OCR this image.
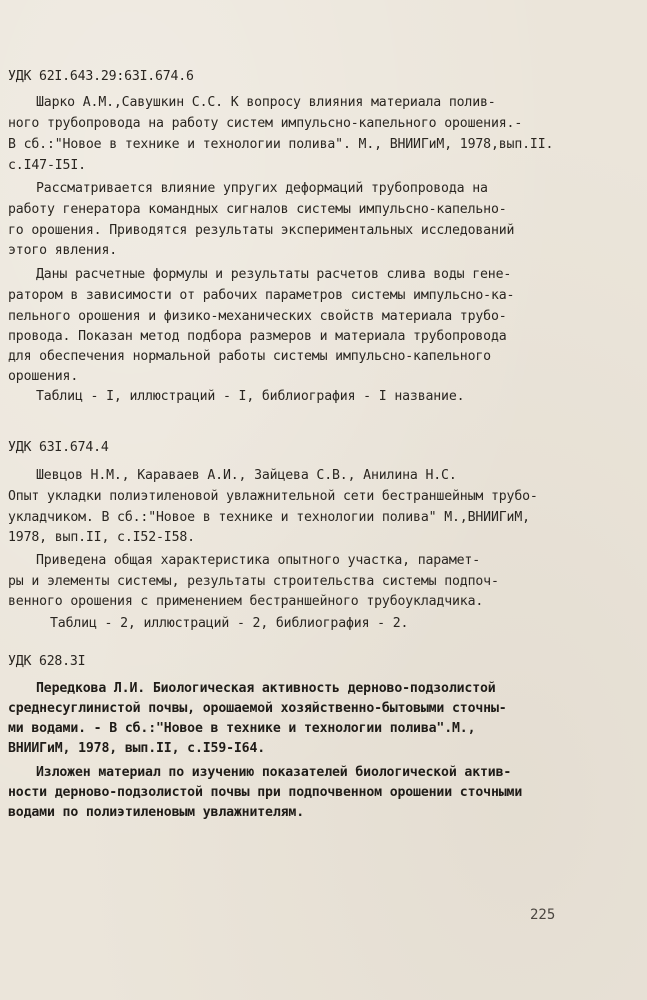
УДК 62I.643.29:63I.674.6
Шарко А.М.,Савушкин С.С. К вопросу влияния материала полив-
ного трубопровода на работу систем импульсно-капельного орошения.-
В сб.:"Новое в технике и технологии полива". М., ВНИИГиМ, 1978,вып.II.
с.I47-I5I.
Рассматривается влияние упругих деформаций трубопровода на
работу генератора командных сигналов системы импульсно-капельно-
го орошения. Приводятся результаты экспериментальных исследований
этого явления.
Даны расчетные формулы и результаты расчетов слива воды гене-
ратором в зависимости от рабочих параметров системы импульсно-ка-
пельного орошения и физико-механических свойств материала трубо-
провода. Показан метод подбора размеров и материала трубопровода
для обеспечения нормальной работы системы импульсно-капельного
орошения.
Таблиц - I, иллюстраций - I, библиография - I название.
УДК 63I.674.4
Шевцов Н.М., Караваев А.И., Зайцева С.В., Анилина Н.С.
Опыт укладки полиэтиленовой увлажнительной сети бестраншейным трубо-
укладчиком. В сб.:"Новое в технике и технологии полива" М.,ВНИИГиМ,
1978, вып.II, с.I52-I58.
Приведена общая характеристика опытного участка, парамет-
ры и элементы системы, результаты строительства системы подпоч-
венного орошения с применением бестраншейного трубоукладчика.
Таблиц - 2, иллюстраций - 2, библиография - 2.
УДК 628.3I
Передкова Л.И. Биологическая активность дерново-подзолистой
среднесуглинистой почвы, орошаемой хозяйственно-бытовыми сточны-
ми водами. - В сб.:"Новое в технике и технологии полива".М.,
ВНИИГиМ, 1978, вып.II, с.I59-I64.
Изложен материал по изучению показателей биологической актив-
ности дерново-подзолистой почвы при подпочвенном орошении сточными
водами по полиэтиленовым увлажнителям.
225
